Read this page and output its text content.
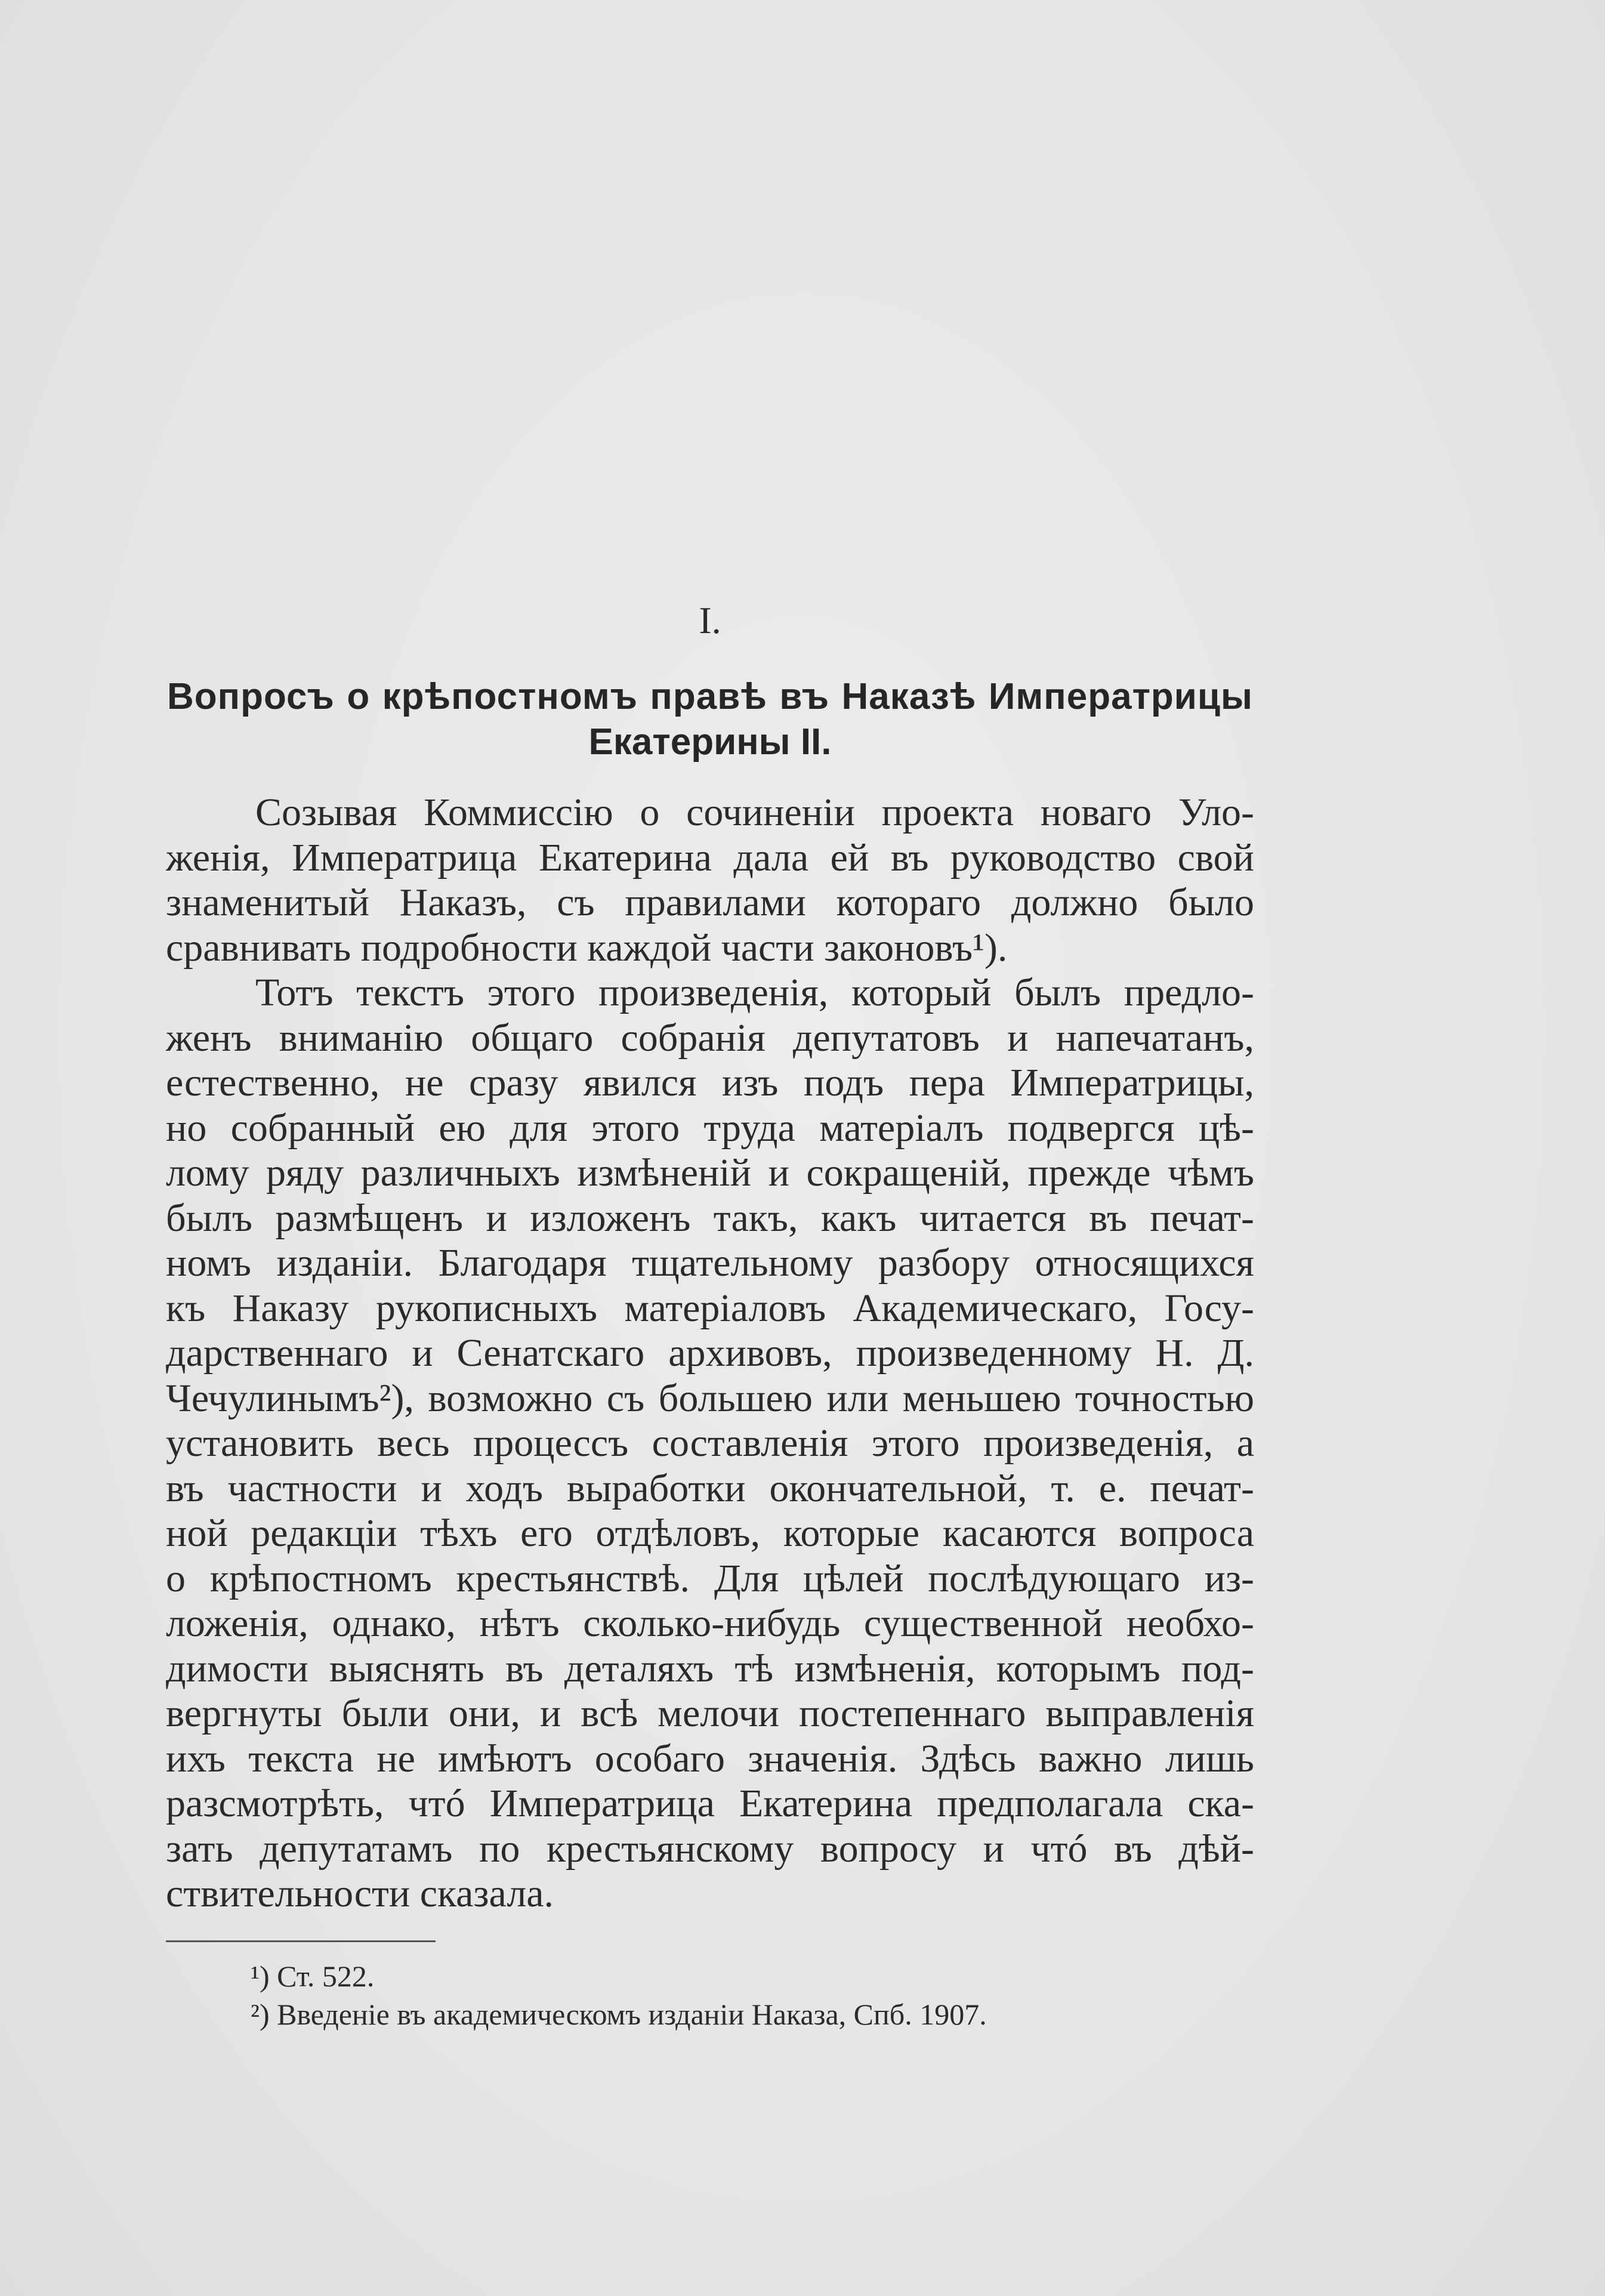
I.
Вопросъ о крѣпостномъ правѣ въ Наказѣ Императрицы
Екатерины II.
Созывая Коммиссію о сочиненіи проекта новаго Уло-
женія, Императрица Екатерина дала ей въ руководство свой
знаменитый Наказъ, съ правилами котораго должно было
сравнивать подробности каждой части законовъ¹).
Тотъ текстъ этого произведенія, который былъ предло-
женъ вниманію общаго собранія депутатовъ и напечатанъ,
естественно, не сразу явился изъ подъ пера Императрицы,
но собранный ею для этого труда матеріалъ подвергся цѣ-
лому ряду различныхъ измѣненій и сокращеній, прежде чѣмъ
былъ размѣщенъ и изложенъ такъ, какъ читается въ печат-
номъ изданіи. Благодаря тщательному разбору относящихся
къ Наказу рукописныхъ матеріаловъ Академическаго, Госу-
дарственнаго и Сенатскаго архивовъ, произведенному Н. Д.
Чечулинымъ²), возможно съ большею или меньшею точностью
установить весь процессъ составленія этого произведенія, а
въ частности и ходъ выработки окончательной, т. е. печат-
ной редакціи тѣхъ его отдѣловъ, которые касаются вопроса
о крѣпостномъ крестьянствѣ. Для цѣлей послѣдующаго из-
ложенія, однако, нѣтъ сколько-нибудь существенной необхо-
димости выяснять въ деталяхъ тѣ измѣненія, которымъ под-
вергнуты были они, и всѣ мелочи постепеннаго выправленія
ихъ текста не имѣютъ особаго значенія. Здѣсь важно лишь
разсмотрѣть, чтó Императрица Екатерина предполагала ска-
зать депутатамъ по крестьянскому вопросу и чтó въ дѣй-
ствительности сказала.
¹) Ст. 522.
²) Введеніе въ академическомъ изданіи Наказа, Спб. 1907.
